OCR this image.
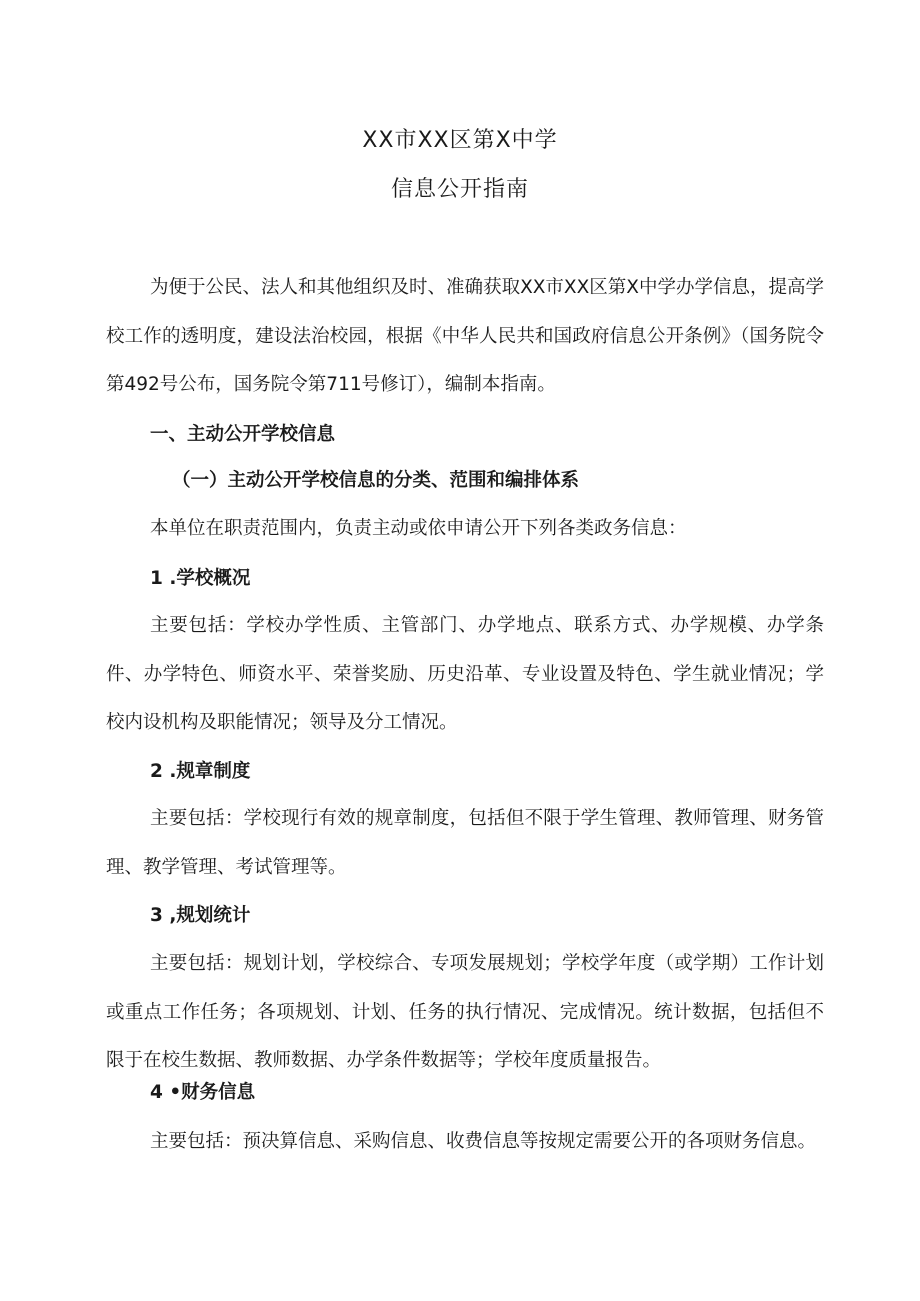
XX市XX区第X中学
信息公开指南
为便于公民、法人和其他组织及时、准确获取XX市XX区第X中学办学信息，提高学校工作的透明度，建设法治校园，根据《中华人民共和国政府信息公开条例》（国务院令第492号公布，国务院令第711号修订），编制本指南。
一、主动公开学校信息
（一）主动公开学校信息的分类、范围和编排体系
本单位在职责范围内，负责主动或依申请公开下列各类政务信息：
1 .学校概况
主要包括：学校办学性质、主管部门、办学地点、联系方式、办学规模、办学条件、办学特色、师资水平、荣誉奖励、历史沿革、专业设置及特色、学生就业情况；学校内设机构及职能情况；领导及分工情况。
2 .规章制度
主要包括：学校现行有效的规章制度，包括但不限于学生管理、教师管理、财务管理、教学管理、考试管理等。
3 ,规划统计
主要包括：规划计划，学校综合、专项发展规划；学校学年度（或学期）工作计划或重点工作任务；各项规划、计划、任务的执行情况、完成情况。统计数据，包括但不限于在校生数据、教师数据、办学条件数据等；学校年度质量报告。
4 •财务信息
主要包括：预决算信息、采购信息、收费信息等按规定需要公开的各项财务信息。
